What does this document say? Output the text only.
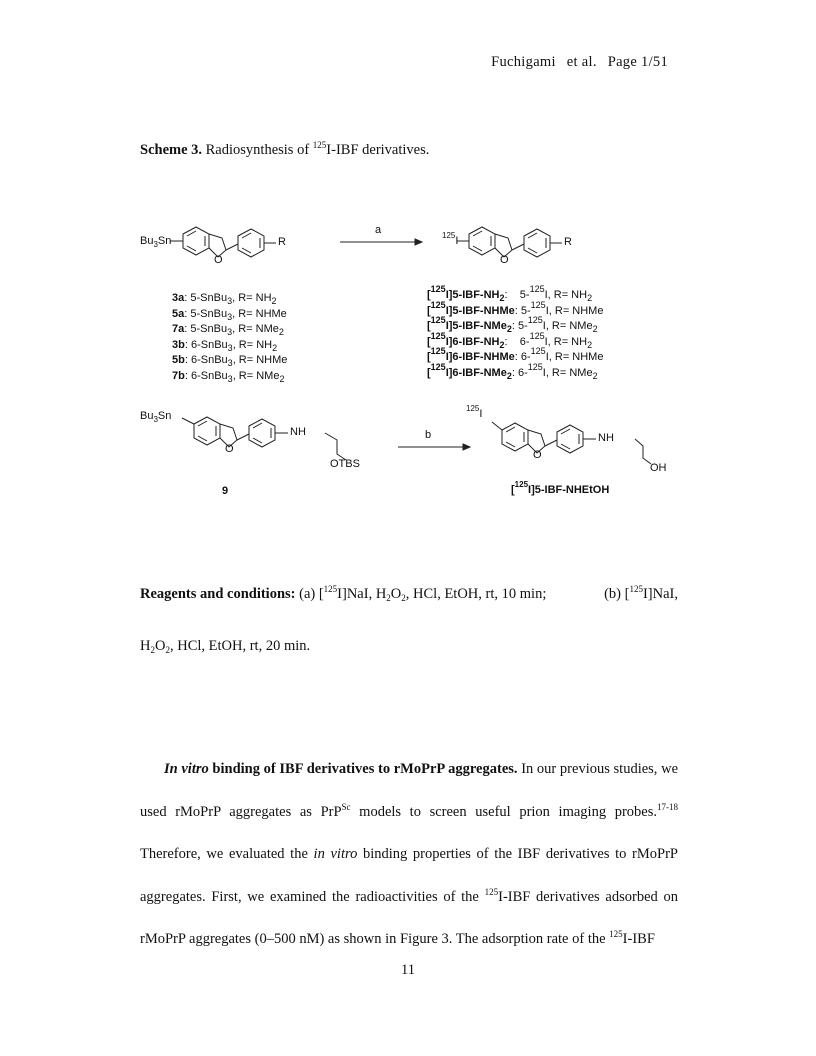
Fuchigami et al. Page 1/51
Scheme 3. Radiosynthesis of $^{125}$I-IBF derivatives.
$Bu_3Sn$
O
R
a	$^{125}$I
O
R
3a: 5-SnBu$_3$, $R= NH_2$
5a: 5-SnBu$_3$, R= NHMe
7a: 5-SnBu$_3$, R= NMe$_2$
3b: 6-SnBu$_3$, $R= NH_2$
5b: 6-SnBu$_3$, R= NHMe
7b: 6-SnBu$_3$, R= NMe$_2$
$[^{125}I]5-IBF-NH_2$:    5-$^{125}$I, $R= NH_2$
[$^{125}$I]5-IBF-NHMe: 5-$^{125}$I, R= NHMe
[$^{125}$I]5-IBF-NMe$_2$: 5-$^{125}$I, R= NMe$_2$
$[^{125}I]6-IBF-NH_2$:    6-$^{125}$I, $R= NH_2$
[$^{125}$I]6-IBF-NHMe: 6-$^{125}$I, R= NHMe
[$^{125}$I]6-IBF-NMe$_2$: 6-$^{125}$I, R= NMe$_2$
$Bu_3Sn$
O
NH
OTBS
b
9
$^{125}$I
O
NH
OH
[$^{125}$I]5-IBF-NHEtOH
Reagents and conditions: (a) [$^{125}$I]NaI, $H_2O_2$, HCl, EtOH, rt, 10 min;	(b) [$^{125}$I]NaI,
$H_2O_2$, HCl, EtOH, rt, 20 min.
In vitro binding of IBF derivatives to rMoPrP aggregates. In our previous studies, we used rMoPrP aggregates as PrP$^{Sc}$ models to screen useful prion imaging probes.$^{17-18}$ Therefore, we evaluated the in vitro binding properties of the IBF derivatives to rMoPrP aggregates. First, we examined the radioactivities of the $^{125}$I-IBF derivatives adsorbed on rMoPrP aggregates (0–500 nM) as shown in Figure 3. The adsorption rate of the $^{125}$I-IBF
11
